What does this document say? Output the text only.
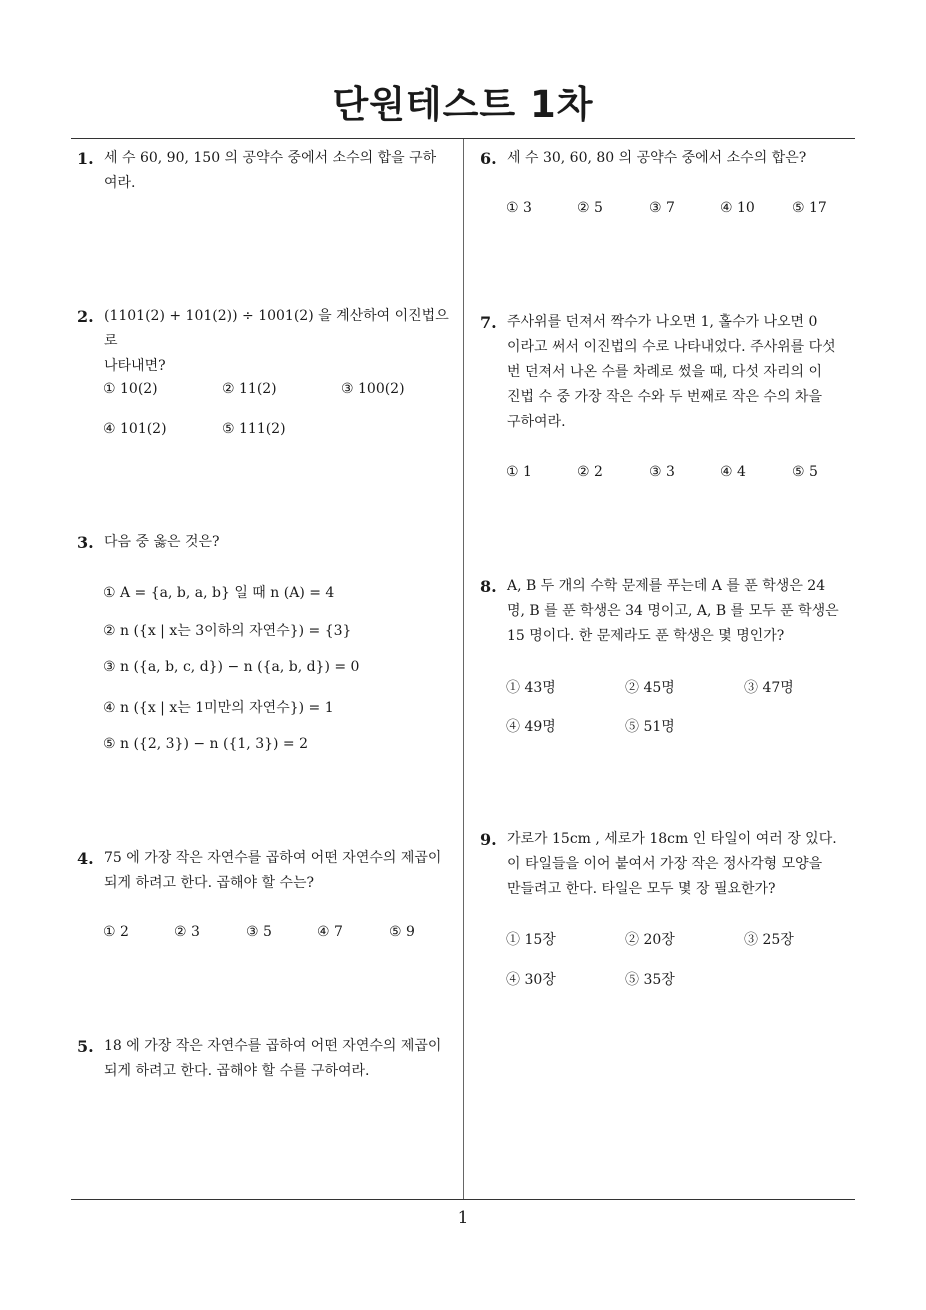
단원테스트 1차
1
1. 세 수 60, 90, 150 의 공약수 중에서 소수의 합을 구하
여라.
2. (1101(2) + 101(2)) ÷ 1001(2) 을 계산하여 이진법으로
나타내면?
① 10(2)	② 11(2)	③ 100(2)
④ 101(2)	⑤ 111(2)
3. 다음 중 옳은 것은?
① A = {a, b, a, b} 일 때 n (A) = 4
② n ({x | x는 3이하의 자연수}) = {3}
③ n ({a, b, c, d}) − n ({a, b, d}) = 0
④ n ({x | x는 1미만의 자연수}) = 1
⑤ n ({2, 3}) − n ({1, 3}) = 2
4. 75 에 가장 작은 자연수를 곱하여 어떤 자연수의 제곱이
되게 하려고 한다. 곱해야 할 수는?
① 2	② 3	③ 5	④ 7	⑤ 9
5. 18 에 가장 작은 자연수를 곱하여 어떤 자연수의 제곱이
되게 하려고 한다. 곱해야 할 수를 구하여라.
6. 세 수 30, 60, 80 의 공약수 중에서 소수의 합은?
① 3	② 5	③ 7	④ 10	⑤ 17
7. 주사위를 던져서 짝수가 나오면 1, 홀수가 나오면 0
이라고 써서 이진법의 수로 나타내었다. 주사위를 다섯
번 던져서 나온 수를 차례로 썼을 때, 다섯 자리의 이
진법 수 중 가장 작은 수와 두 번째로 작은 수의 차을
구하여라.
① 1	② 2	③ 3	④ 4	⑤ 5
8. A, B 두 개의 수학 문제를 푸는데 A 를 푼 학생은 24
명, B 를 푼 학생은 34 명이고, A, B 를 모두 푼 학생은
15 명이다. 한 문제라도 푼 학생은 몇 명인가?
① 43명	② 45명	③ 47명
④ 49명	⑤ 51명
9. 가로가 15cm , 세로가 18cm 인 타일이 여러 장 있다.
이 타일들을 이어 붙여서 가장 작은 정사각형 모양을
만들려고 한다. 타일은 모두 몇 장 필요한가?
① 15장	② 20장	③ 25장
④ 30장	⑤ 35장
